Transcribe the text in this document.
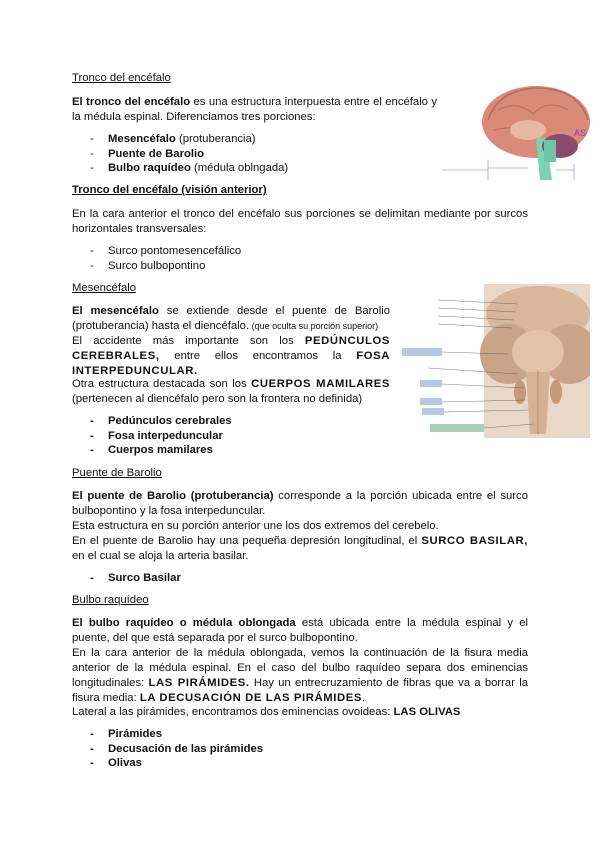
Tronco del encéfalo

El tronco del encéfalo es una estructura interpuesta entre el encéfalo y la médula espinal. Diferenciamos tres porciones:

- Mesencéfalo (protuberancia)
- Puente de Barolio
- Bulbo raquídeo (médula oblngada)
AS
Tronco del encéfalo (visión anterior)

En la cara anterior el tronco del encéfalo sus porciones se delimitan mediante por surcos horizontales transversales:

- Surco pontomesencefálico
- Surco bulbopontino
Mesencéfalo

El mesencéfalo se extiende desde el puente de Barolio (protuberancia) hasta el diencéfalo. (que oculta su porción superior)

El accidente más importante son los PEDÚNCULOS CEREBRALES, entre ellos encontramos la FOSA INTERPEDUNCULAR.

Otra estructura destacada son los CUERPOS MAMILARES (pertenecen al diencéfalo pero son la frontera no definida)

- Pedúnculos cerebrales
- Fosa interpeduncular
- Cuerpos mamilares
Puente de Barolio

El puente de Barolio (protuberancia) corresponde a la porción ubicada entre el surco bulbopontino y la fosa interpeduncular.

Esta estructura en su porción anterior une los dos extremos del cerebelo.

En el puente de Barolio hay una pequeña depresión longitudinal, el SURCO BASILAR, en el cual se aloja la arteria basilar.

- Surco Basilar
Bulbo raquídeo

El bulbo raquídeo o médula oblongada está ubicada entre la médula espinal y el puente, del que está separada por el surco bulbopontino.

En la cara anterior de la médula oblongada, vemos la continuación de la fisura media anterior de la médula espinal. En el caso del bulbo raquídeo separa dos eminencias longitudinales: LAS PIRÁMIDES. Hay un entrecruzamiento de fibras que va a borrar la fisura media: LA DECUSACIÓN DE LAS PIRÁMIDES.

Lateral a las pirámides, encontramos dos eminencias ovoideas: LAS OLIVAS

- Pirámides
- Decusación de las pirámides
- Olivas
